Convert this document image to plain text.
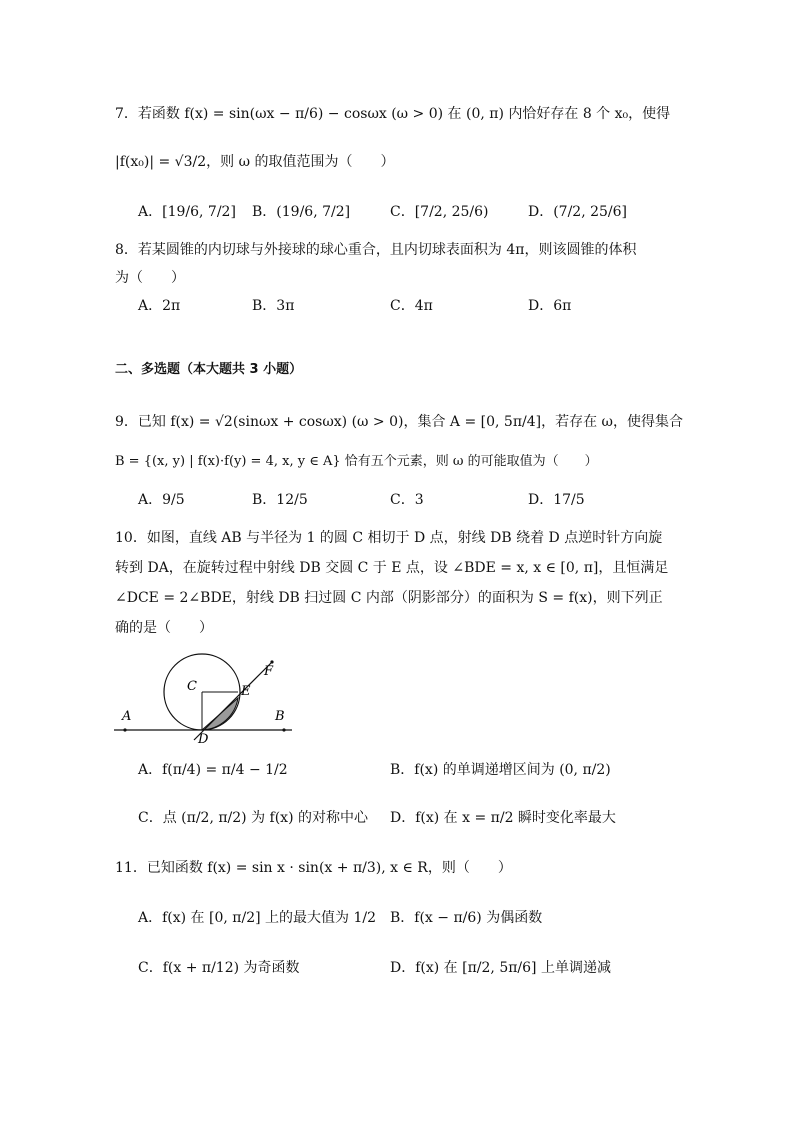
7．若函数 f(x) = sin(ωx − π/6) − cosωx (ω > 0) 在 (0, π) 内恰好存在 8 个 x₀，使得
|f(x₀)| = √3/2，则 ω 的取值范围为（　　）
A．[19/6, 7/2] B．(19/6, 7/2]	C．[7/2, 25/6)	D．(7/2, 25/6]
8．若某圆锥的内切球与外接球的球心重合，且内切球表面积为 4π，则该圆锥的体积
为（　　）
A．2π	B．3π	C．4π	D．6π
二、多选题（本大题共 3 小题）
9．已知 f(x) = √2(sinωx + cosωx) (ω > 0)，集合 A = [0, 5π/4]，若存在 ω，使得集合
B = {(x, y) | f(x)·f(y) = 4, x, y ∈ A} 恰有五个元素，则 ω 的可能取值为（　　）
A．9/5	B．12/5	C．3	D．17/5
10．如图，直线 AB 与半径为 1 的圆 C 相切于 D 点，射线 DB 绕着 D 点逆时针方向旋
转到 DA，在旋转过程中射线 DB 交圆 C 于 E 点，设 ∠BDE = x, x ∈ [0, π]，且恒满足
∠DCE = 2∠BDE，射线 DB 扫过圆 C 内部（阴影部分）的面积为 S = f(x)，则下列正
确的是（　　）
A	B
C
D
E
F
A．f(π/4) = π/4 − 1/2	B．f(x) 的单调递增区间为 (0, π/2)
C．点 (π/2, π/2) 为 f(x) 的对称中心 D．f(x) 在 x = π/2 瞬时变化率最大
11．已知函数 f(x) = sin x · sin(x + π/3), x ∈ R，则（　　）
A．f(x) 在 [0, π/2] 上的最大值为 1/2 B．f(x − π/6) 为偶函数
C．f(x + π/12) 为奇函数	D．f(x) 在 [π/2, 5π/6] 上单调递减
